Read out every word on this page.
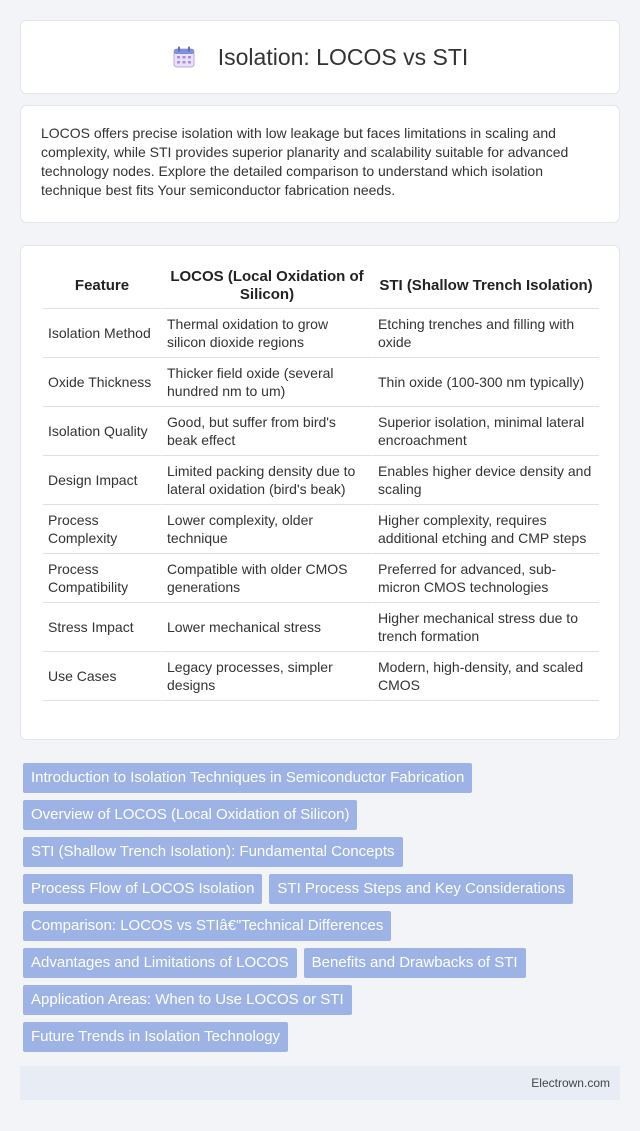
Isolation: LOCOS vs STI

LOCOS offers precise isolation with low leakage but faces limitations in scaling and complexity, while STI provides superior planarity and scalability suitable for advanced technology nodes. Explore the detailed comparison to understand which isolation technique best fits Your semiconductor fabrication needs.

Feature	LOCOS (Local Oxidation of Silicon)	STI (Shallow Trench Isolation)
Isolation Method	Thermal oxidation to grow silicon dioxide regions	Etching trenches and filling with oxide
Oxide Thickness	Thicker field oxide (several hundred nm to um)	Thin oxide (100-300 nm typically)
Isolation Quality	Good, but suffer from bird's beak effect	Superior isolation, minimal lateral encroachment
Design Impact	Limited packing density due to lateral oxidation (bird's beak)	Enables higher device density and scaling
Process Complexity	Lower complexity, older technique	Higher complexity, requires additional etching and CMP steps
Process Compatibility	Compatible with older CMOS generations	Preferred for advanced, sub-micron CMOS technologies
Stress Impact	Lower mechanical stress	Higher mechanical stress due to trench formation
Use Cases	Legacy processes, simpler designs	Modern, high-density, and scaled CMOS
Introduction to Isolation Techniques in Semiconductor Fabrication
Overview of LOCOS (Local Oxidation of Silicon)
STI (Shallow Trench Isolation): Fundamental Concepts
Process Flow of LOCOS Isolation	STI Process Steps and Key Considerations
Comparison: LOCOS vs STIâ€”Technical Differences
Advantages and Limitations of LOCOS	Benefits and Drawbacks of STI
Application Areas: When to Use LOCOS or STI
Future Trends in Isolation Technology
Electrown.com
